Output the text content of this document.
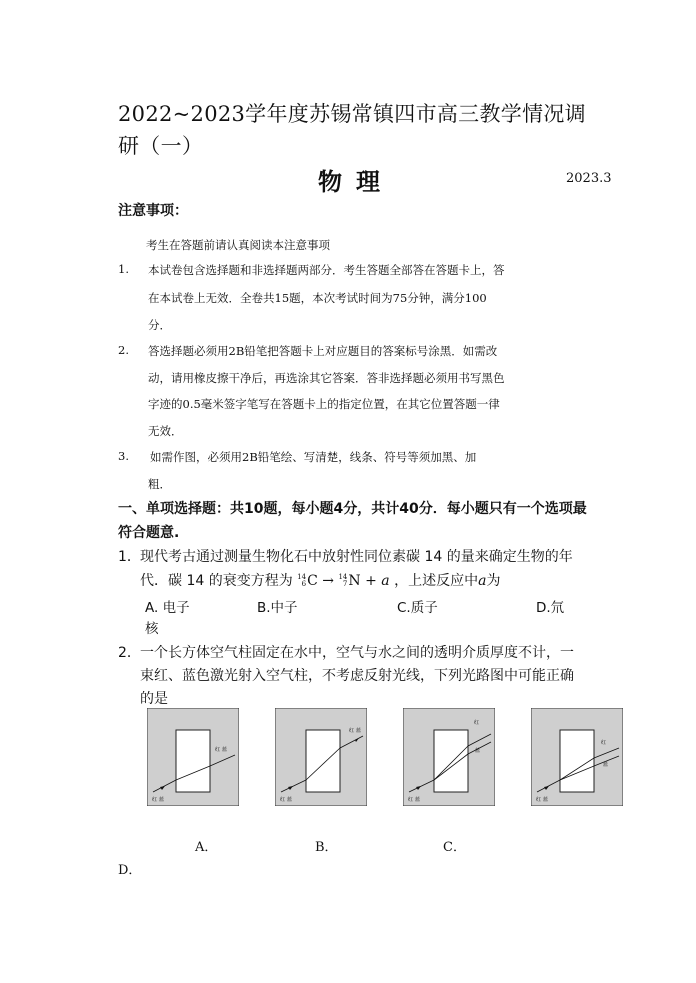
2022~2023学年度苏锡常镇四市高三教学情况调
研（一）
物理	2023.3
注意事项：
考生在答题前请认真阅读本注意事项
1. 本试卷包含选择题和非选择题两部分．考生答题全部答在答题卡上，答
在本试卷上无效．全卷共15题，本次考试时间为75分钟，满分100
分．
2. 答选择题必须用2B铅笔把答题卡上对应题目的答案标号涂黑．如需改
动，请用橡皮擦干净后，再选涂其它答案．答非选择题必须用书写黑色
字迹的0.5毫米签字笔写在答题卡上的指定位置，在其它位置答题一律
无效．
3. 如需作图，必须用2B铅笔绘、写清楚，线条、符号等须加黑、加
粗．
一、单项选择题：共10题，每小题4分，共计40分．每小题只有一个选项最
符合题意.
1． 现代考古通过测量生物化石中放射性同位素碳 14 的量来确定生物的年
代．碳 14 的衰变方程为 14
6C → 14
7N + a ，上述反应中a为
A. 电子	B.中子	C.质子	D.氘
核
2． 一个长方体空气柱固定在水中，空气与水之间的透明介质厚度不计，一
束红、蓝色激光射入空气柱，不考虑反射光线，下列光路图中可能正确
的是
红 蓝
红 蓝
红 蓝
红 蓝
红 蓝
红
蓝
红 蓝
红
蓝
A．	B．	C．
D．
